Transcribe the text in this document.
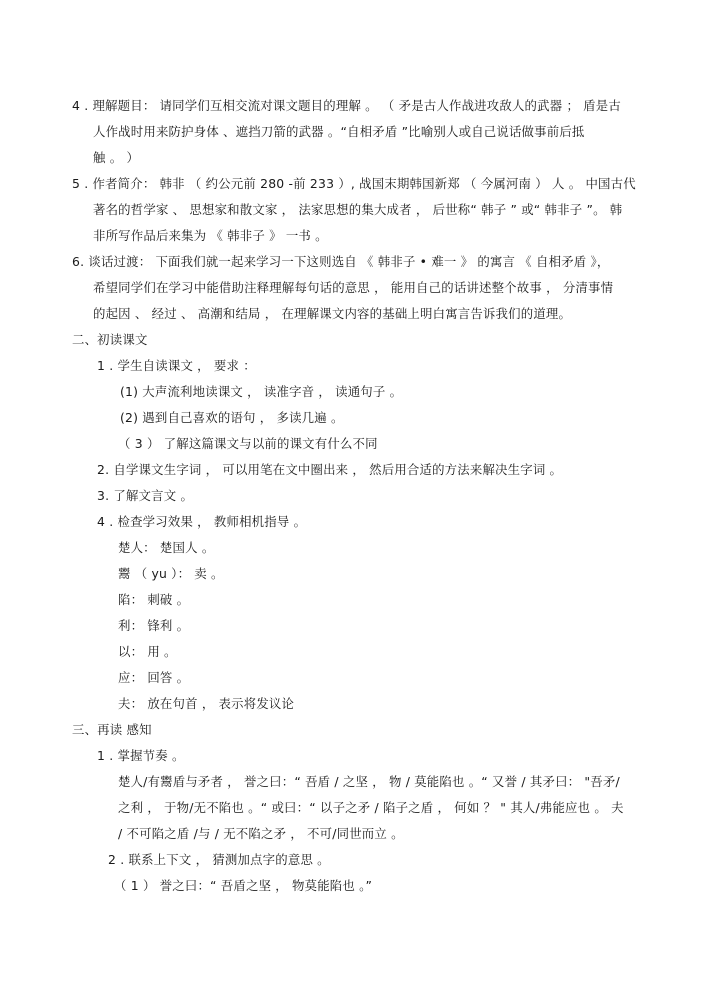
4 . 理解题目： 请同学们互相交流对课文题目的理解 。 （ 矛是古人作战进攻敌人的武器 ； 盾是古
人作战时用来防护身体 、遮挡刀箭的武器 。“自相矛盾 ”比喻别人或自己说话做事前后抵
触 。 ）
5 . 作者简介： 韩非 （ 约公元前 280 -前 233 ）, 战国末期韩国新郑 （ 今属河南 ） 人 。 中国古代
著名的哲学家 、 思想家和散文家 ， 法家思想的集大成者 ， 后世称“ 韩子 ” 或“ 韩非子 ”。 韩
非所写作品后来集为 《 韩非子 》 一书 。
6. 谈话过渡： 下面我们就一起来学习一下这则选自 《 韩非子 • 难一 》 的寓言 《 自相矛盾 》，
希望同学们在学习中能借助注释理解每句话的意思 ， 能用自己的话讲述整个故事 ， 分清事情
的起因 、 经过 、 高潮和结局 ， 在理解课文内容的基础上明白寓言告诉我们的道理。
二、初读课文
1 . 学生自读课文 ， 要求 ：
(1) 大声流利地读课文 ， 读准字音 ， 读通句子 。
(2) 遇到自己喜欢的语句 ， 多读几遍 。
（ 3 ） 了解这篇课文与以前的课文有什么不同
2. 自学课文生字词 ， 可以用笔在文中圈出来 ， 然后用合适的方法来解决生字词 。
3. 了解文言文 。
4 . 检查学习效果 ， 教师相机指导 。
楚人： 楚国人 。
鬻 （ yu ）： 卖 。
陷： 刺破 。
利： 锋利 。
以： 用 。
应： 回答 。
夫： 放在句首 ， 表示将发议论
三、再读 感知
1 . 掌握节奏 。
楚人/有鬻盾与矛者 ， 誉之曰：“ 吾盾 / 之坚 ， 物 / 莫能陷也 。“ 又誉 / 其矛曰： "吾矛/
之利 ， 于物/无不陷也 。“ 或曰：“ 以子之矛 / 陷子之盾 ， 何如 ？ " 其人/弗能应也 。 夫
/ 不可陷之盾 /与 / 无不陷之矛 ， 不可/同世而立 。
2 . 联系上下文 ， 猜测加点字的意思 。
（ 1 ） 誉之曰：“ 吾盾之坚 ， 物莫能陷也 。”
